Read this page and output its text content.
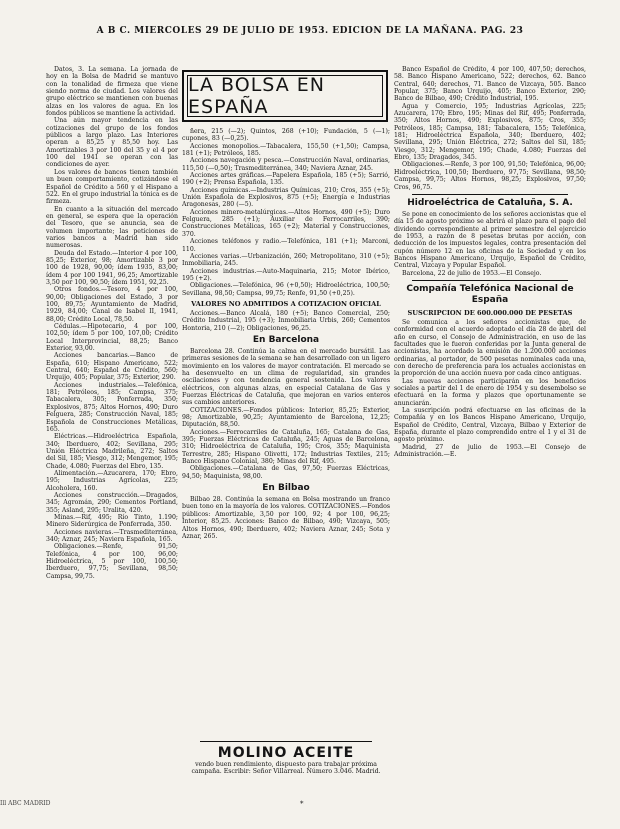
A B C. MIERCOLES 29 DE JULIO DE 1953. EDICION DE LA MAÑANA. PAG. 23

Datos, 3. La semana. La jornada de hoy en la Bolsa de Madrid se mantuvo con la tonalidad de firmeza que viene siendo norma de ciudad. Los valores del grupo eléctrico se mantienen con buenas alzas en los valores de agua. En los fondos públicos se mantiene la actividad.

Una aún mayor tendencia en las cotizaciones del grupo de los fondos públicos a largo plazo. Las Interiores operan a 85,25 y 85,50 hoy. Las Amortizables 3 por 100 del 35 y el 4 por 100 del 1941 se operan con las condiciones de ayer.

Los valores de bancos tienen también un buen comportamiento, cotizándose el Español de Crédito a 560 y el Hispano a 522. En el grupo industrial la tónica es de firmeza.

En cuanto a la situación del mercado en general, se espera que la operación del Tesoro, que se anuncia, sea de volumen importante; las peticiones de varios bancos a Madrid han sido numerosas.

Deuda del Estado.—Interior 4 por 100, 85,25; Exterior, 98; Amortizable 3 por 100 de 1928, 90,00; ídem 1935, 83,00; ídem 4 por 100 1941, 96,25; Amortizable 3,50 por 100, 90,50; ídem 1951, 92,25.

Otros fondos.—Tesoro, 4 por 100, 90,00; Obligaciones del Estado, 3 por 100, 89,75; Ayuntamiento de Madrid, 1929, 84,00; Canal de Isabel II, 1941, 88,00; Crédito Local, 78,50.

Cédulas.—Hipotecario, 4 por 100, 102,50; ídem 5 por 100, 107,00; Crédito Local Interprovincial, 88,25; Banco Exterior, 93,00.

Acciones bancarias.—Banco de España, 610; Hispano Americano, 522; Central, 640; Español de Crédito, 560; Urquijo, 405; Popular, 375; Exterior, 290.

Acciones industriales.—Telefónica, 181; Petróleos, 185; Campsa, 375; Tabacalera, 305; Ponferrada, 350; Explosivos, 875; Altos Hornos, 490; Duro Felguera, 285; Construcción Naval, 185; Española de Construcciones Metálicas, 165.

Eléctricas.—Hidroeléctrica Española, 340; Iberduero, 402; Sevillana, 295; Unión Eléctrica Madrileña, 272; Saltos del Sil, 185; Viesgo, 312; Mengemor, 195; Chade, 4.080; Fuerzas del Ebro, 135.

Alimentación.—Azucarera, 170; Ebro, 195; Industrias Agrícolas, 225; Alcoholera, 160.

Acciones construcción.—Dragados, 345; Agromán, 290; Cementos Portland, 355; Asland, 295; Uralita, 420.

Minas.—Rif, 495; Río Tinto, 1.190; Minero Siderúrgica de Ponferrada, 350.

Acciones navieras.—Trasmediterránea, 340; Aznar, 245; Naviera Española, 165.

Obligaciones.—Renfe, 91,50; Telefónica, 4 por 100, 96,00; Hidroeléctrica, 5 por 100, 100,50; Iberduero, 97,75; Sevillana, 98,50; Campsa, 99,75.

LA BOLSA EN ESPAÑA

ñera, 215 (—2); Quintos, 268 (+10); Fundación, 5 (—1); cupones, 83 (—0,25).

Acciones monopolios.—Tabacalera, 155,50 (+1,50); Campsa, 181 (+1); Petróleos, 185.

Acciones navegación y pesca.—Construcción Naval, ordinarias, 115,50 (—0,50); Trasmediterránea, 340; Naviera Aznar, 245.

Acciones artes gráficas.—Papelera Española, 185 (+5); Sarrió, 190 (+2); Prensa Española, 135.

Acciones químicas.—Industrias Químicas, 210; Cros, 355 (+5); Unión Española de Explosivos, 875 (+5); Energía e Industrias Aragonesas, 280 (—5).

Acciones minero-metalúrgicas.—Altos Hornos, 490 (+5); Duro Felguera, 285 (+1); Auxiliar de Ferrocarriles, 390; Construcciones Metálicas, 165 (+2); Material y Construcciones, 370.

Acciones teléfonos y radio.—Telefónica, 181 (+1); Marconi, 110.

Acciones varias.—Urbanización, 260; Metropolitano, 310 (+5); Inmobiliaria, 245.

Acciones industrias.—Auto-Maquinaria, 215; Motor Ibérico, 195 (+2).

Obligaciones.—Telefónica, 96 (+0,50); Hidroeléctrica, 100,50; Sevillana, 98,50; Campsa, 99,75; Renfe, 91,50 (+0,25).

VALORES NO ADMITIDOS A COTIZACION OFICIAL

Acciones.—Banco Alcalá, 180 (+5); Banco Comercial, 250; Crédito Industrial, 195 (+3); Inmobiliaria Urbis, 260; Cementos Hontoria, 210 (—2); Obligaciones, 96,25.

En Barcelona

Barcelona 28. Continúa la calma en el mercado bursátil. Las primeras sesiones de la semana se han desarrollado con un ligero movimiento en los valores de mayor contratación. El mercado se ha desenvuelto en un clima de regularidad, sin grandes oscilaciones y con tendencia general sostenida. Los valores eléctricos, con algunas alzas, en especial Catalana de Gas y Fuerzas Eléctricas de Cataluña, que mejoran en varios enteros sus cambios anteriores.

COTIZACIONES.—Fondos públicos: Interior, 85,25; Exterior, 98; Amortizable, 90,25; Ayuntamiento de Barcelona, 12,25; Diputación, 88,50.

Acciones.—Ferrocarriles de Cataluña, 165; Catalana de Gas, 395; Fuerzas Eléctricas de Cataluña, 245; Aguas de Barcelona, 310; Hidroeléctrica de Cataluña, 195; Cros, 355; Maquinista Terrestre, 285; Hispano Olivetti, 172; Industrias Textiles, 215; Banco Hispano Colonial, 380; Minas del Rif, 495.

Obligaciones.—Catalana de Gas, 97,50; Fuerzas Eléctricas, 94,50; Maquinista, 98,00.

En Bilbao

Bilbao 28. Continúa la semana en Bolsa mostrando un franco buen tono en la mayoría de los valores. COTIZACIONES.—Fondos públicos: Amortizable, 3,50 por 100, 92; 4 por 100, 96,25; Interior, 85,25. Acciones: Banco de Bilbao, 490; Vizcaya, 505; Altos Hornos, 490; Iberduero, 402; Naviera Aznar, 245; Sota y Aznar, 265.

MOLINO ACEITE
vendo buen rendimiento, dispuesto para trabajar próxima campaña. Escribir: Señor Villarreal. Número 3.046. Madrid.

Banco Español de Crédito, 4 por 100, 407,50; derechos, 58. Banco Hispano Americano, 522; derechos, 62. Banco Central, 640; derechos, 71. Banco de Vizcaya, 505. Banco Popular, 375; Banco Urquijo, 405; Banco Exterior, 290; Banco de Bilbao, 490; Crédito Industrial, 195.

Agua y Comercio, 195; Industrias Agrícolas, 225; Azucarera, 170; Ebro, 195; Minas del Rif, 495; Ponferrada, 350; Altos Hornos, 490; Explosivos, 875; Cros, 355; Petróleos, 185; Campsa, 181; Tabacalera, 155; Telefónica, 181; Hidroeléctrica Española, 340; Iberduero, 402; Sevillana, 295; Unión Eléctrica, 272; Saltos del Sil, 185; Viesgo, 312; Mengemor, 195; Chade, 4.080; Fuerzas del Ebro, 135; Dragados, 345.

Obligaciones.—Renfe, 3 por 100, 91,50; Telefónica, 96,00; Hidroeléctrica, 100,50; Iberduero, 97,75; Sevillana, 98,50; Campsa, 99,75; Altos Hornos, 98,25; Explosivos, 97,50; Cros, 96,75.

Hidroeléctrica de Cataluña, S. A.

Se pone en conocimiento de los señores accionistas que el día 15 de agosto próximo se abrirá el plazo para el pago del dividendo correspondiente al primer semestre del ejercicio de 1953, a razón de 8 pesetas brutas por acción, con deducción de los impuestos legales, contra presentación del cupón número 12 en las oficinas de la Sociedad y en los Bancos Hispano Americano, Urquijo, Español de Crédito, Central, Vizcaya y Popular Español.

Barcelona, 22 de julio de 1953.—El Consejo.

Compañía Telefónica Nacional de España
SUSCRIPCION DE 600.000.000 DE PESETAS

Se comunica a los señores accionistas que, de conformidad con el acuerdo adoptado el día 28 de abril del año en curso, el Consejo de Administración, en uso de las facultades que le fueron conferidas por la Junta general de accionistas, ha acordado la emisión de 1.200.000 acciones ordinarias, al portador, de 500 pesetas nominales cada una, con derecho de preferencia para los actuales accionistas en la proporción de una acción nueva por cada cinco antiguas.

Las nuevas acciones participarán en los beneficios sociales a partir del 1 de enero de 1954 y su desembolso se efectuará en la forma y plazos que oportunamente se anunciarán.

La suscripción podrá efectuarse en las oficinas de la Compañía y en los Bancos Hispano Americano, Urquijo, Español de Crédito, Central, Vizcaya, Bilbao y Exterior de España, durante el plazo comprendido entre el 1 y el 31 de agosto próximo.

Madrid, 27 de julio de 1953.—El Consejo de Administración.—E.

*
Ill ABC MADRID
